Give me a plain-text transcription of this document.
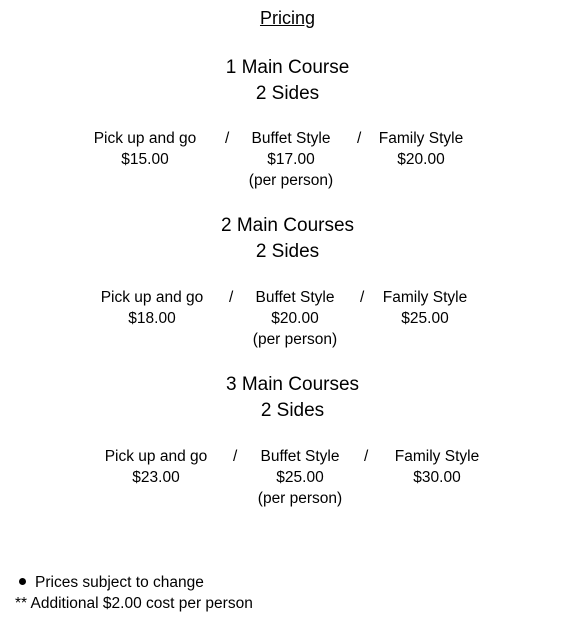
Pricing
1 Main Course
2 Sides
Pick up and go
$15.00
/	Buffet Style
$17.00
(per person)
/ Family Style
$20.00
2 Main Courses
2 Sides
Pick up and go
$18.00
/	Buffet Style
$20.00
(per person)
/ Family Style
$25.00
3 Main Courses
2 Sides
Pick up and go
$23.00
/	Buffet Style
$25.00
(per person)
/	Family Style
$30.00
Prices subject to change
** Additional $2.00 cost per person
